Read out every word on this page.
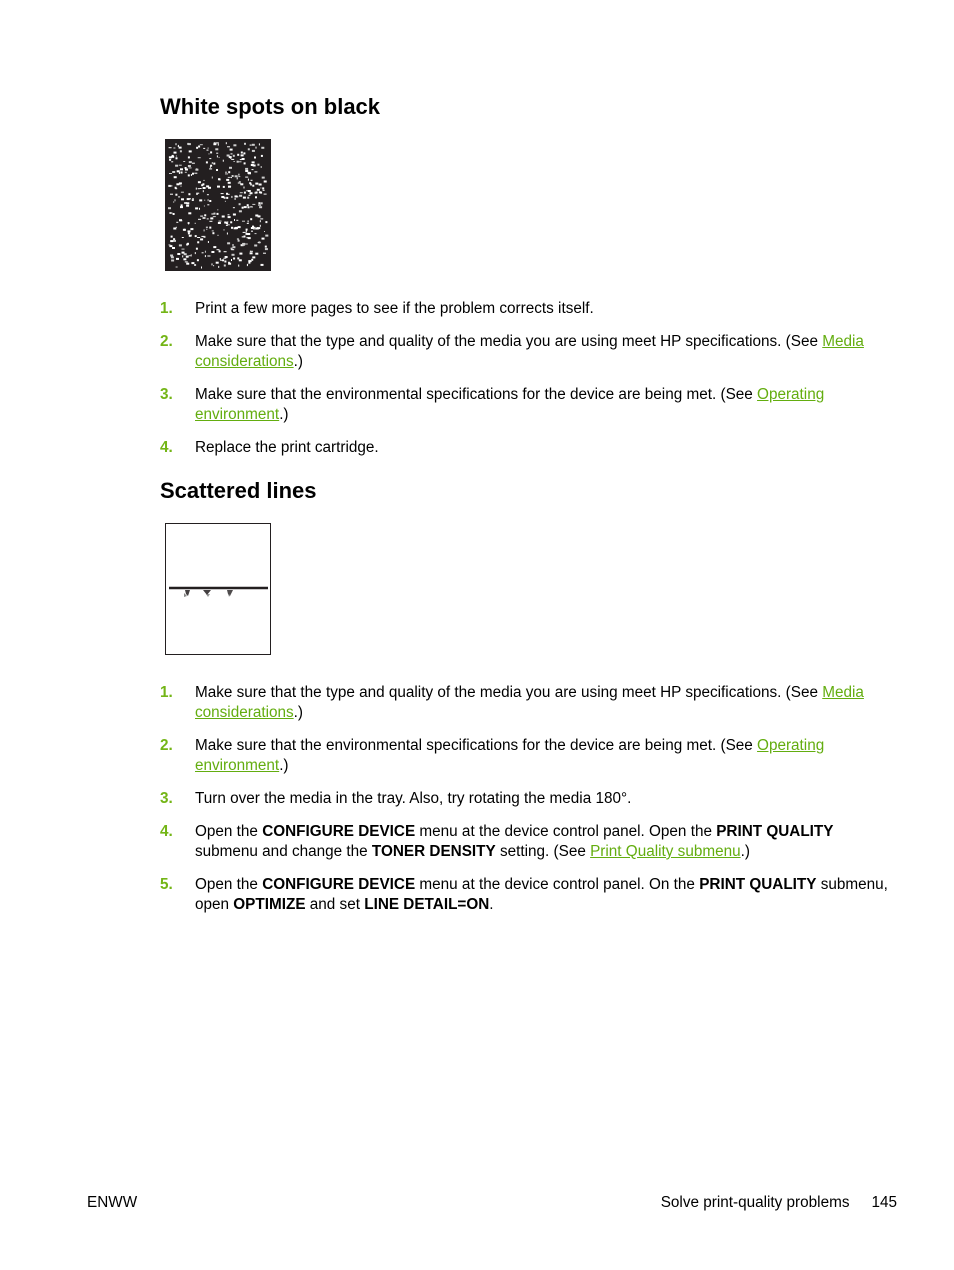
White spots on black
1. Print a few more pages to see if the problem corrects itself.
2. Make sure that the type and quality of the media you are using meet HP specifications. (See Media considerations.)
3. Make sure that the environmental specifications for the device are being met. (See Operating environment.)
4. Replace the print cartridge.
Scattered lines
1. Make sure that the type and quality of the media you are using meet HP specifications. (See Media considerations.)
2. Make sure that the environmental specifications for the device are being met. (See Operating environment.)
3. Turn over the media in the tray. Also, try rotating the media 180°.
4. Open the CONFIGURE DEVICE menu at the device control panel. Open the PRINT QUALITY submenu and change the TONER DENSITY setting. (See Print Quality submenu.)
5. Open the CONFIGURE DEVICE menu at the device control panel. On the PRINT QUALITY submenu, open OPTIMIZE and set LINE DETAIL=ON.
ENWW	Solve print-quality problems 145
